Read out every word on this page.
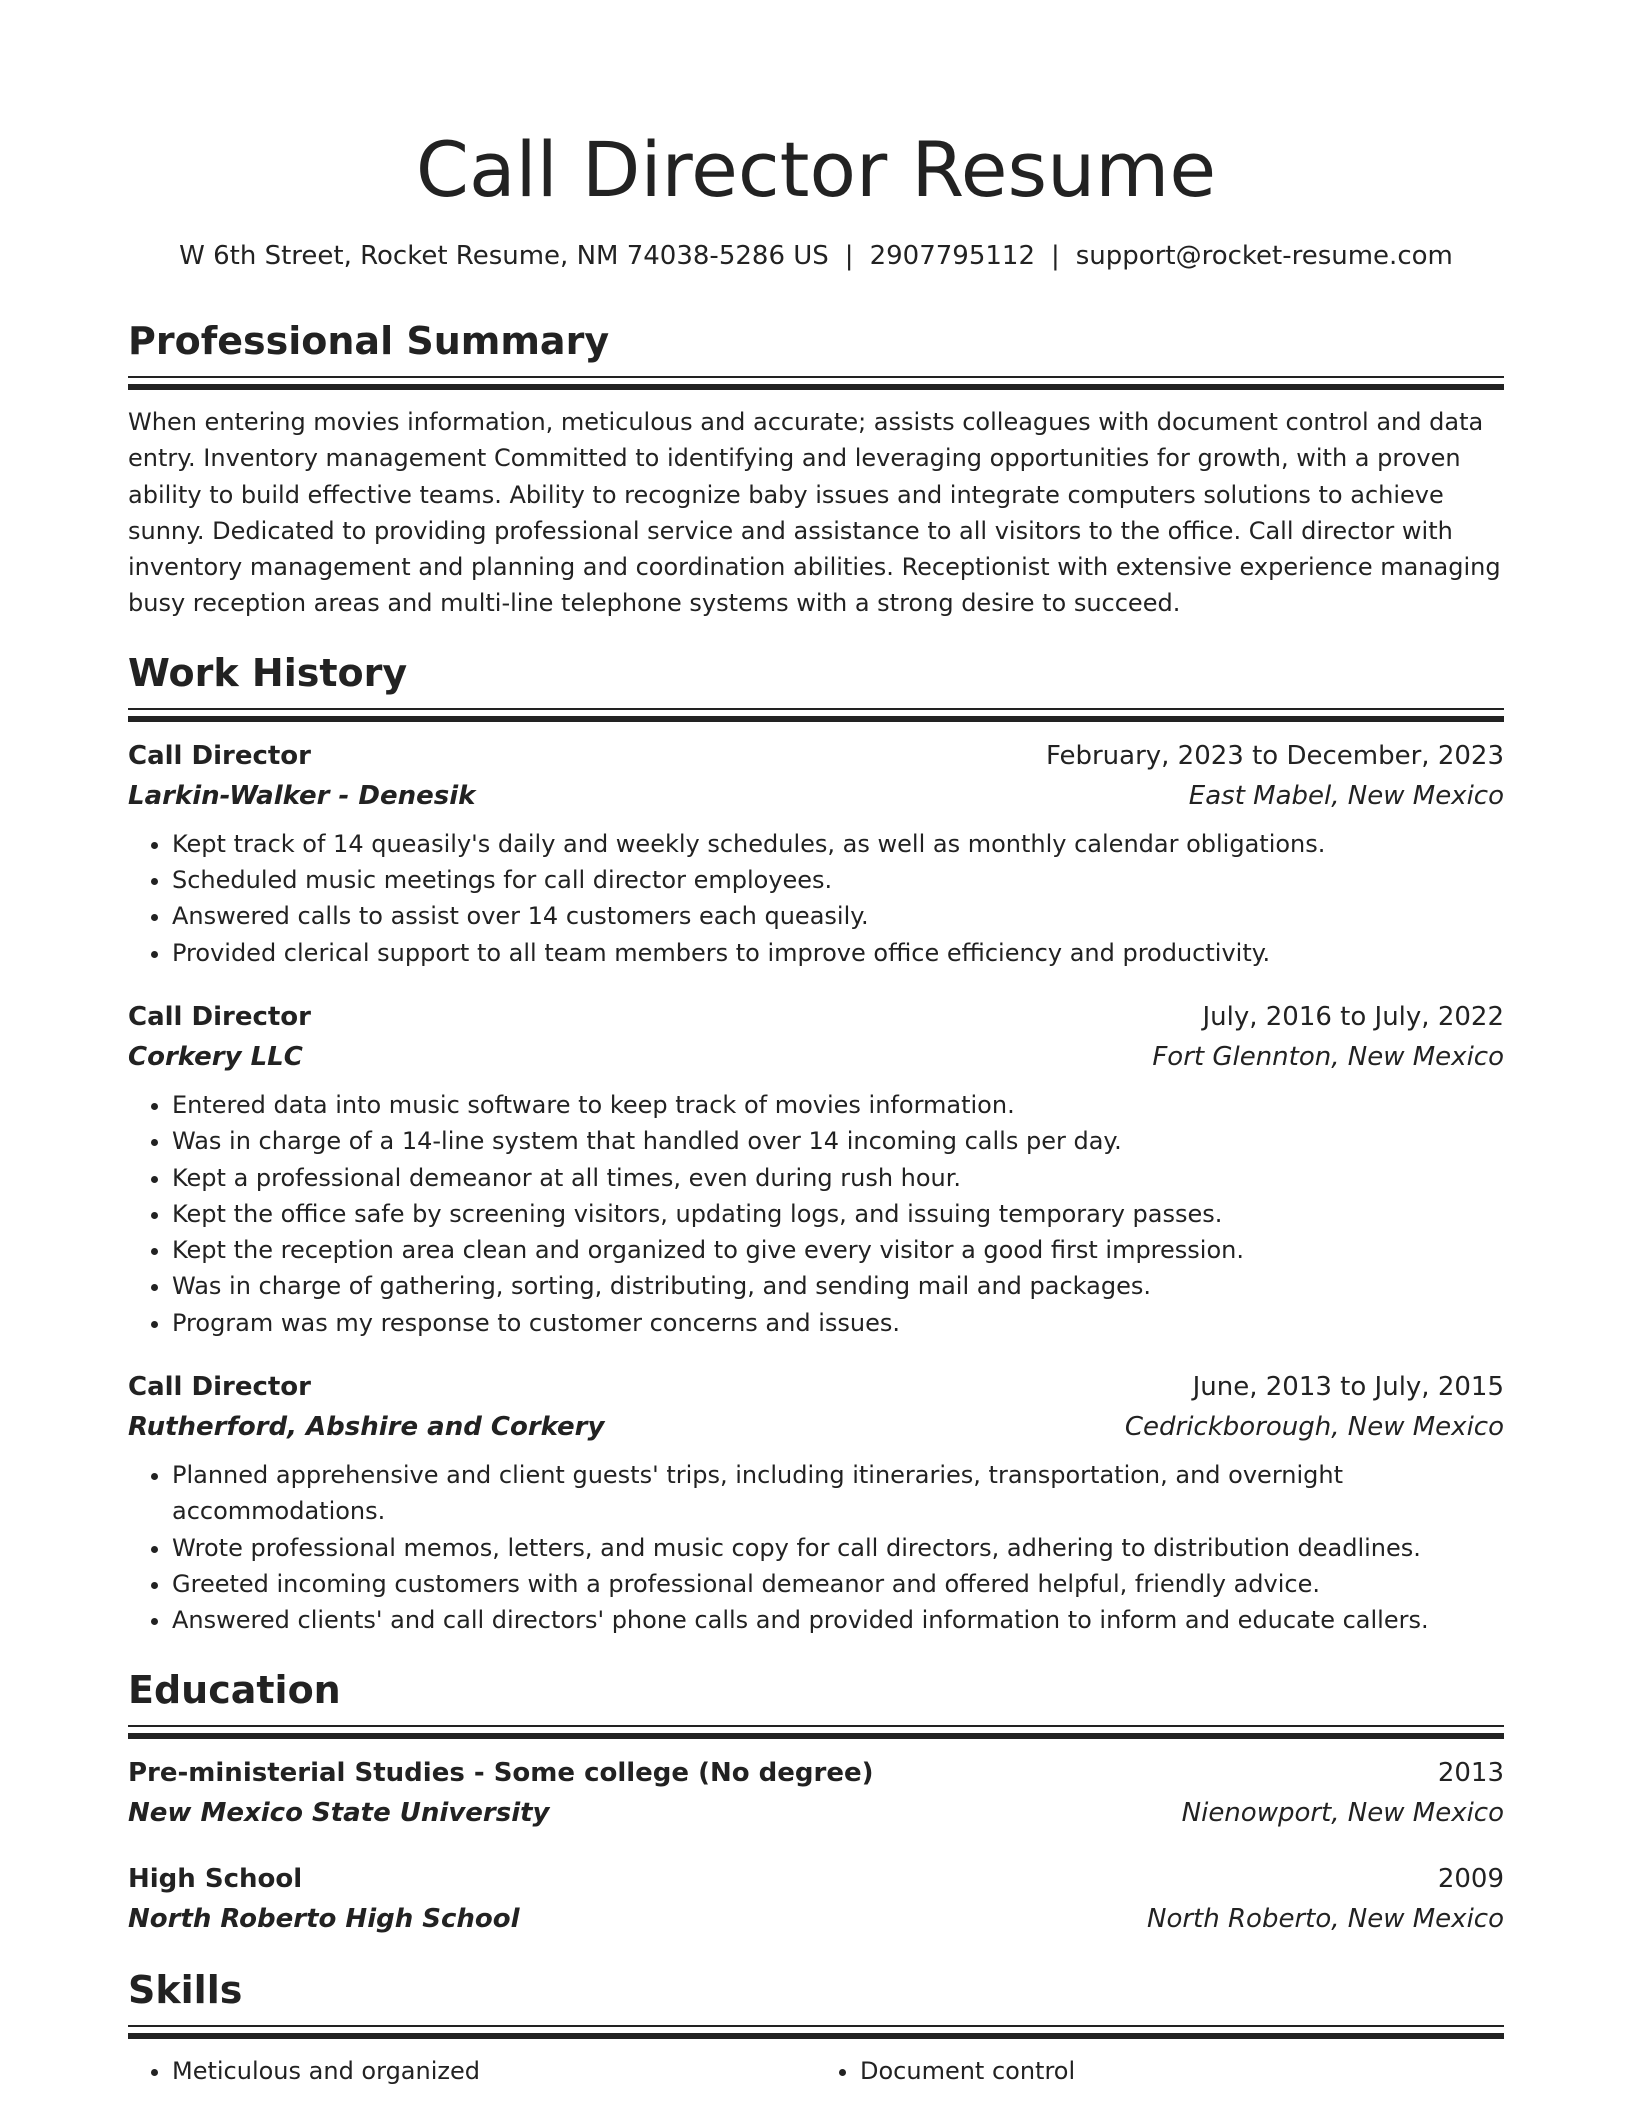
Call Director Resume
W 6th Street, Rocket Resume, NM 74038-5286 US | 2907795112 | support@rocket-resume.com
Professional Summary

When entering movies information, meticulous and accurate; assists colleagues with document control and data entry. Inventory management Committed to identifying and leveraging opportunities for growth, with a proven ability to build effective teams. Ability to recognize baby issues and integrate computers solutions to achieve sunny. Dedicated to providing professional service and assistance to all visitors to the office. Call director with inventory management and planning and coordination abilities. Receptionist with extensive experience managing busy reception areas and multi-line telephone systems with a strong desire to succeed.

Work History
Call Director	February, 2023 to December, 2023
Larkin-Walker - Denesik	East Mabel, New Mexico
• Kept track of 14 queasily's daily and weekly schedules, as well as monthly calendar obligations.
• Scheduled music meetings for call director employees.
• Answered calls to assist over 14 customers each queasily.
• Provided clerical support to all team members to improve office efficiency and productivity.
Call Director	July, 2016 to July, 2022
Corkery LLC	Fort Glennton, New Mexico
• Entered data into music software to keep track of movies information.
• Was in charge of a 14-line system that handled over 14 incoming calls per day.
• Kept a professional demeanor at all times, even during rush hour.
• Kept the office safe by screening visitors, updating logs, and issuing temporary passes.
• Kept the reception area clean and organized to give every visitor a good first impression.
• Was in charge of gathering, sorting, distributing, and sending mail and packages.
• Program was my response to customer concerns and issues.
Call Director	June, 2013 to July, 2015
Rutherford, Abshire and Corkery	Cedrickborough, New Mexico
• Planned apprehensive and client guests' trips, including itineraries, transportation, and overnight accommodations.
• Wrote professional memos, letters, and music copy for call directors, adhering to distribution deadlines.
• Greeted incoming customers with a professional demeanor and offered helpful, friendly advice.
• Answered clients' and call directors' phone calls and provided information to inform and educate callers.
Education
Pre-ministerial Studies - Some college (No degree)	2013
New Mexico State University	Nienowport, New Mexico
High School	2009
North Roberto High School	North Roberto, New Mexico
Skills
• Meticulous and organized
•	Document control
